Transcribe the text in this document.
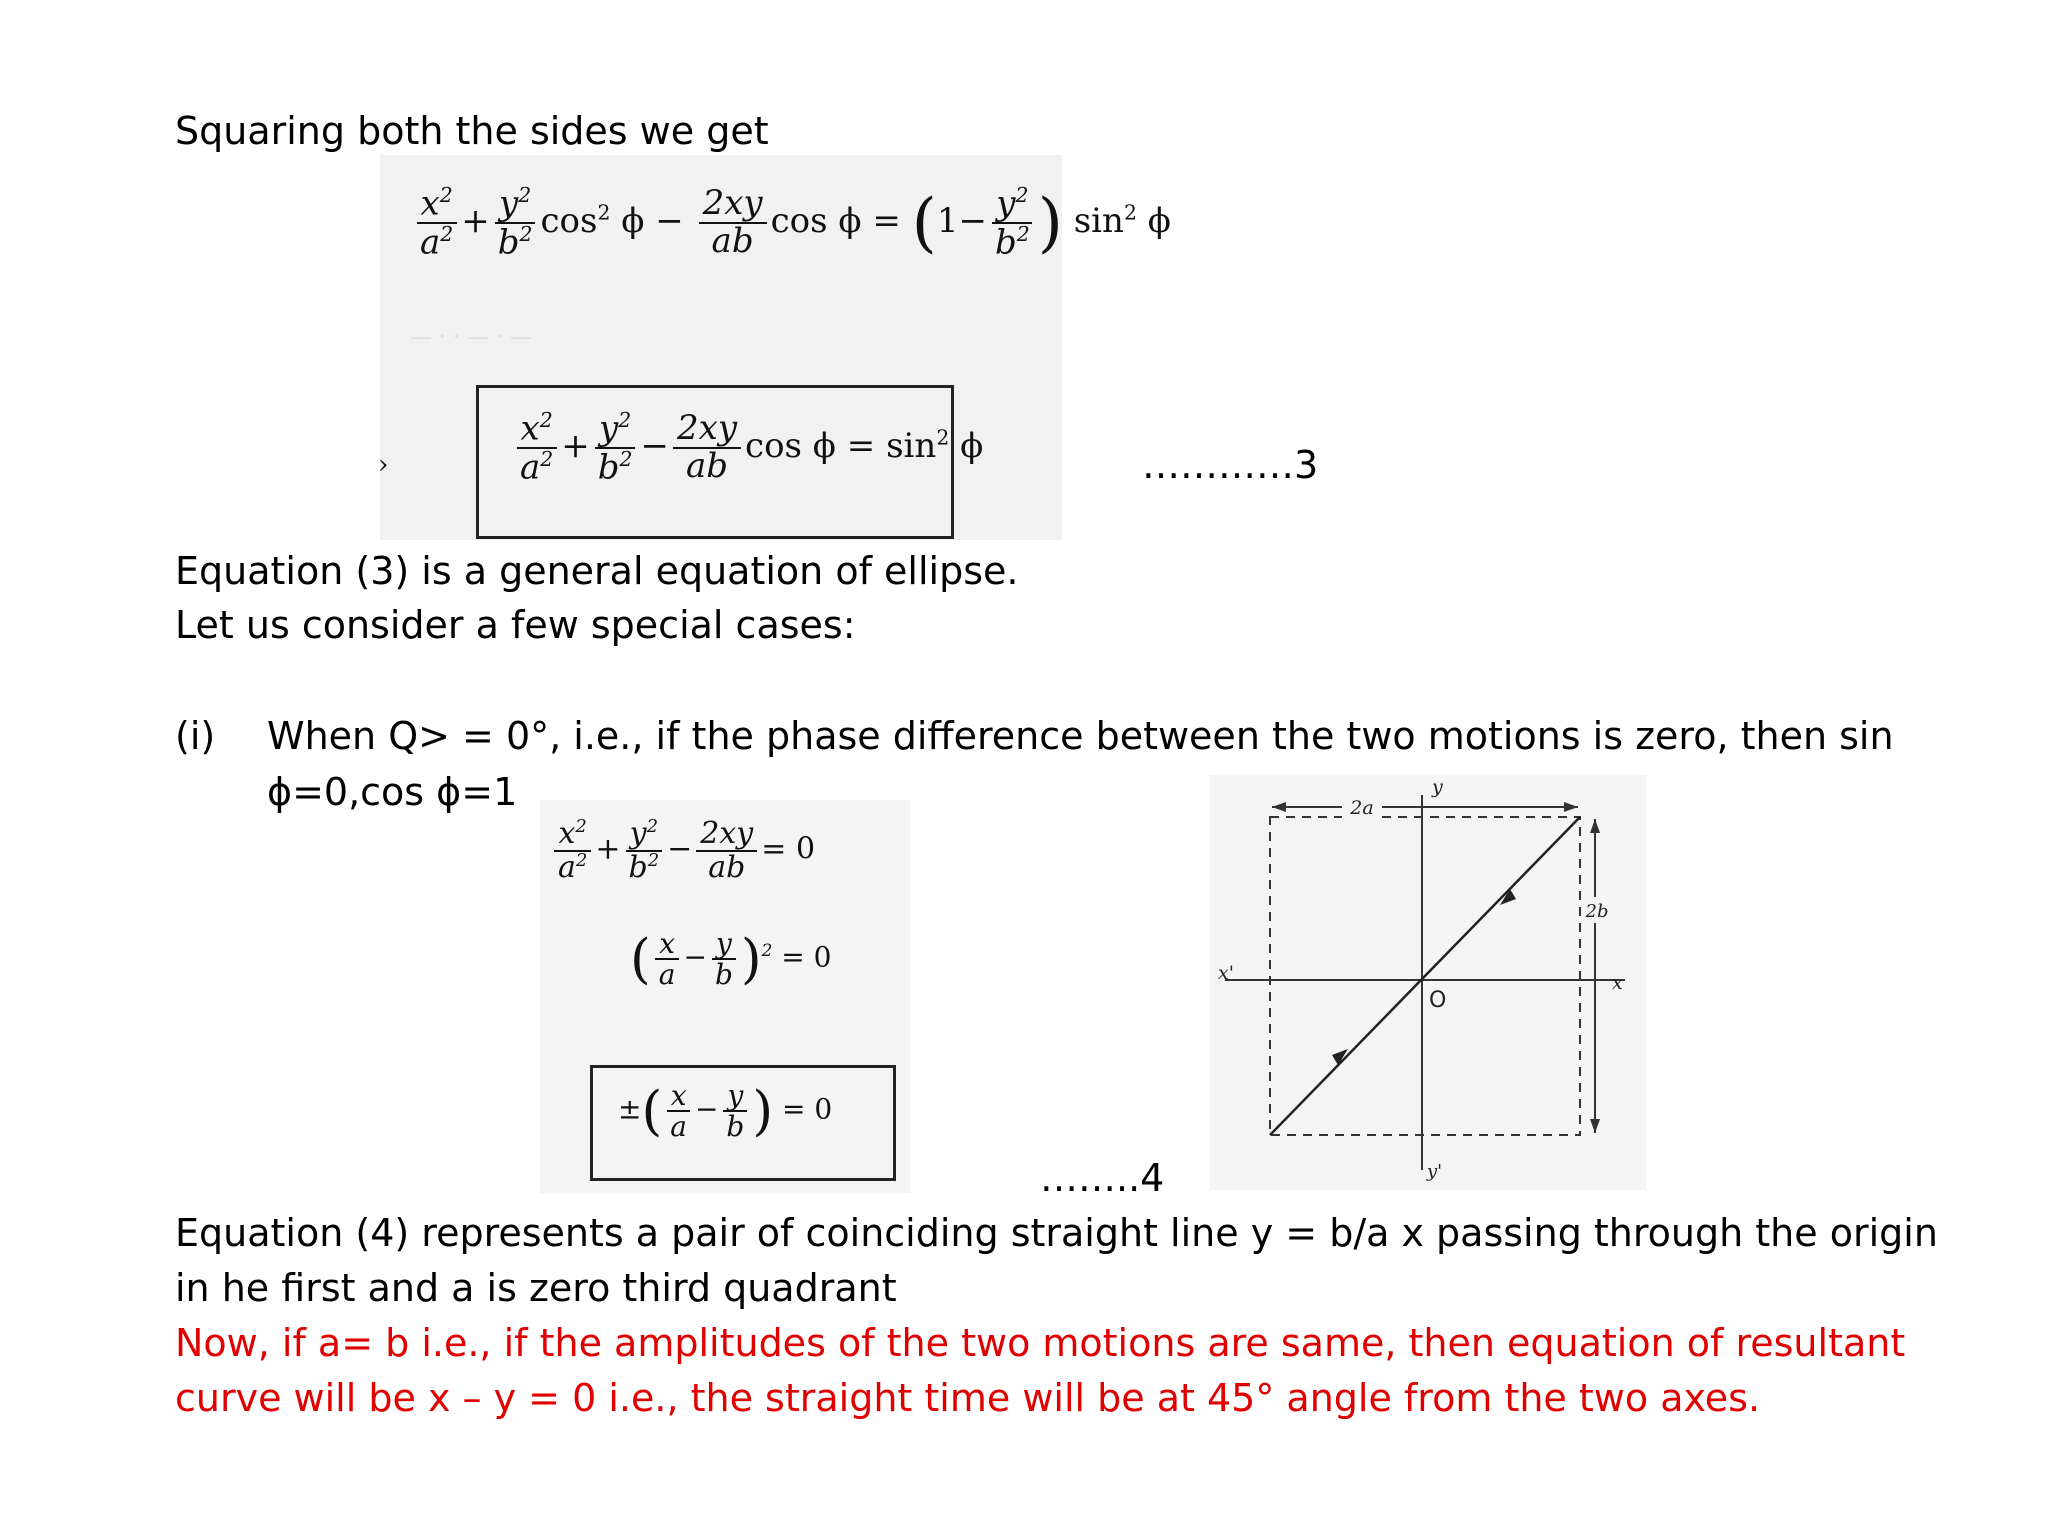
Squaring both the sides we get
— · · — · —
$\frac{x^2}{a^2} + \frac{y^2}{b^2} \cos^2 \phi - \frac{2xy}{ab}$ $\cos \phi = (1- \frac{y^2}{b^2}$ ) $\sin^2 \phi$
$\frac{x^2}{a^2} + \frac{y^2}{b^2} - \frac{2xy}{ab}$ $\cos \phi = \sin^2 \phi$
›	…………3
Equation (3) is a general equation of ellipse.
Let us consider a few special cases:
(i) When Q> = 0°, i.e., if the phase difference between the two motions is zero, then sin
ϕ=0,cos ϕ=1
$\frac{x^2}{a^2} + \frac{y^2}{b^2} - \frac{2xy}{ab} = 0$
( $\frac{x}{a} - \frac{y}{b} )^2 = 0$
±( $\frac{x}{a} - \frac{y}{b}$ ) = 0
2a
2b
y
y'
x
x'
O
……..4
Equation (4) represents a pair of coinciding straight line y = b/a x passing through the origin
in he first and a is zero third quadrant
Now, if a= b i.e., if the amplitudes of the two motions are same, then equation of resultant
curve will be x – y = 0 i.e., the straight time will be at 45° angle from the two axes.
